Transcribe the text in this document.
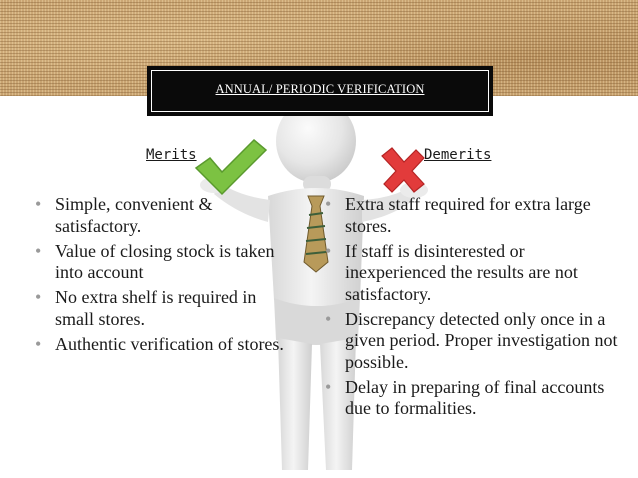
ANNUAL/ PERIODIC VERIFICATION
Merits	Demerits
• Simple, convenient & satisfactory.
• Value of closing stock is taken into account
• No extra shelf is required in small stores.
• Authentic verification of stores.
• Extra staff required for extra large stores.
• If staff is disinterested or inexperienced the results are not satisfactory.
• Discrepancy detected only once in a given period. Proper investigation not possible.
• Delay in preparing of final accounts due to formalities.
